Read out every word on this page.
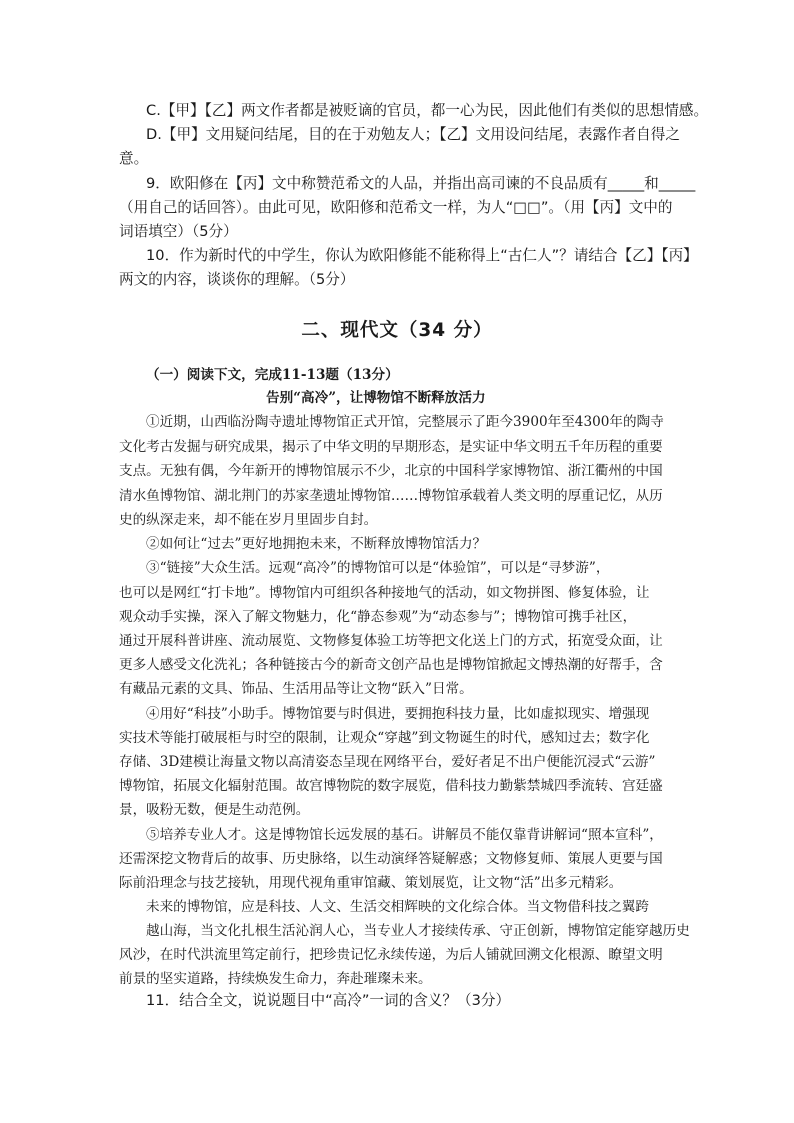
C.【甲】【乙】两文作者都是被贬谪的官员，都一心为民，因此他们有类似的思想情感。
D.【甲】文用疑问结尾，目的在于劝勉友人；【乙】文用设问结尾，表露作者自得之
意。
9．欧阳修在【丙】文中称赞范希文的人品，并指出高司谏的不良品质有_____和_____
（用自己的话回答）。由此可见，欧阳修和范希文一样，为人“□□”。（用【丙】文中的
词语填空）（5分）
10．作为新时代的中学生，你认为欧阳修能不能称得上“古仁人”？请结合【乙】【丙】
两文的内容，谈谈你的理解。（5分）
二、现代文（34 分）
（一）阅读下文，完成11-13题（13分）
告别“高冷”，让博物馆不断释放活力
①近期，山西临汾陶寺遗址博物馆正式开馆，完整展示了距今3900年至4300年的陶寺
文化考古发掘与研究成果，揭示了中华文明的早期形态，是实证中华文明五千年历程的重要
支点。无独有偶，今年新开的博物馆展示不少，北京的中国科学家博物馆、浙江衢州的中国
清水鱼博物馆、湖北荆门的苏家垄遗址博物馆……博物馆承载着人类文明的厚重记忆，从历
史的纵深走来，却不能在岁月里固步自封。
②如何让“过去”更好地拥抱未来，不断释放博物馆活力？
③“链接”大众生活。远观“高冷”的博物馆可以是“体验馆”，可以是“寻梦游”，
也可以是网红“打卡地”。博物馆内可组织各种接地气的活动，如文物拼图、修复体验，让
观众动手实操，深入了解文物魅力，化“静态参观”为“动态参与”；博物馆可携手社区，
通过开展科普讲座、流动展览、文物修复体验工坊等把文化送上门的方式，拓宽受众面，让
更多人感受文化洗礼；各种链接古今的新奇文创产品也是博物馆掀起文博热潮的好帮手，含
有藏品元素的文具、饰品、生活用品等让文物“跃入”日常。
④用好“科技”小助手。博物馆要与时俱进，要拥抱科技力量，比如虚拟现实、增强现
实技术等能打破展柜与时空的限制，让观众“穿越”到文物诞生的时代，感知过去；数字化
存储、3D建模让海量文物以高清姿态呈现在网络平台，爱好者足不出户便能沉浸式“云游”
博物馆，拓展文化辐射范围。故宫博物院的数字展览，借科技力勤紫禁城四季流转、宫廷盛
景，吸粉无数，便是生动范例。
⑤培养专业人才。这是博物馆长远发展的基石。讲解员不能仅靠背讲解词“照本宣科”，
还需深挖文物背后的故事、历史脉络，以生动演绎答疑解惑；文物修复师、策展人更要与国
际前沿理念与技艺接轨，用现代视角重审馆藏、策划展览，让文物“活”出多元精彩。
未来的博物馆，应是科技、人文、生活交相辉映的文化综合体。当文物借科技之翼跨
越山海，当文化扎根生活沁润人心，当专业人才接续传承、守正创新，博物馆定能穿越历史
风沙，在时代洪流里笃定前行，把珍贵记忆永续传递，为后人铺就回溯文化根源、瞭望文明
前景的坚实道路，持续焕发生命力，奔赴璀璨未来。
11．结合全文，说说题目中“高冷”一词的含义？（3分）
